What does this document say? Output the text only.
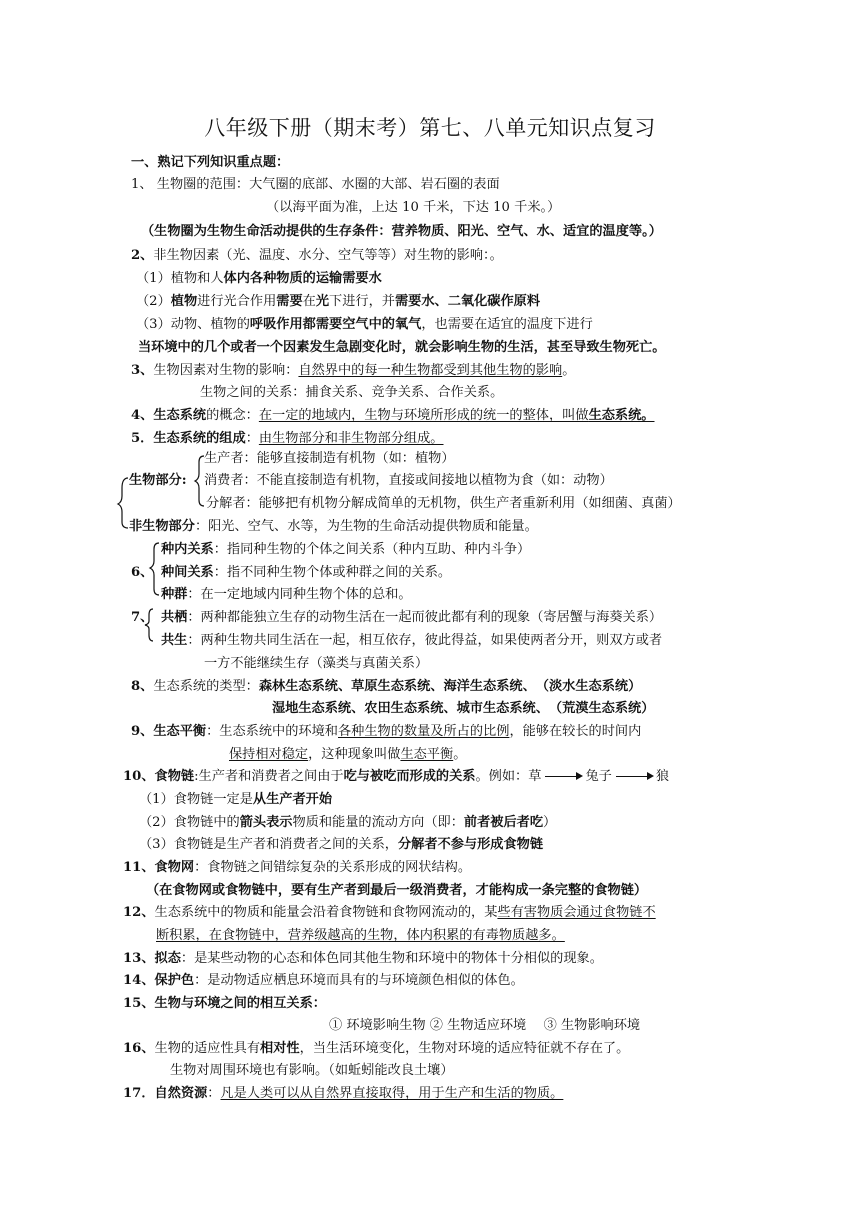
八年级下册（期末考）第七、八单元知识点复习
一、熟记下列知识重点题：
1、 生物圈的范围：大气圈的底部、水圈的大部、岩石圈的表面
（以海平面为准，上达 10 千米，下达 10 千米。）
（生物圈为生物生命活动提供的生存条件：营养物质、阳光、空气、水、适宜的温度等。）
2、非生物因素（光、温度、水分、空气等等）对生物的影响：。
（1）植物和人体内各种物质的运输需要水
（2）植物进行光合作用需要在光下进行，并需要水、二氧化碳作原料
（3）动物、植物的呼吸作用都需要空气中的氧气，也需要在适宜的温度下进行
当环境中的几个或者一个因素发生急剧变化时，就会影响生物的生活，甚至导致生物死亡。
3、生物因素对生物的影响：自然界中的每一种生物都受到其他生物的影响。
生物之间的关系：捕食关系、竞争关系、合作关系。
4、生态系统的概念：在一定的地域内，生物与环境所形成的统一的整体，叫做生态系统。
5．生态系统的组成：由生物部分和非生物部分组成。
生物部分:
生产者：能够直接制造有机物（如：植物）
消费者：不能直接制造有机物，直接或间接地以植物为食（如：动物）
分解者：能够把有机物分解成简单的无机物，供生产者重新利用（如细菌、真菌）
非生物部分：阳光、空气、水等，为生物的生命活动提供物质和能量。
6、
种内关系：指同种生物的个体之间关系（种内互助、种内斗争）
种间关系：指不同种生物个体或种群之间的关系。
种群：在一定地域内同种生物个体的总和。
7、 共栖：两种都能独立生存的动物生活在一起而彼此都有利的现象（寄居蟹与海葵关系）
共生：两种生物共同生活在一起，相互依存，彼此得益，如果使两者分开，则双方或者
一方不能继续生存（藻类与真菌关系）
8、生态系统的类型：森林生态系统、草原生态系统、海洋生态系统、　（淡水生态系统）
湿地生态系统、农田生态系统、城市生态系统、　（荒漠生态系统）
9、生态平衡：生态系统中的环境和各种生物的数量及所占的比例，能够在较长的时间内
保持相对稳定，这种现象叫做生态平衡。
10、食物链:生产者和消费者之间由于吃与被吃而形成的关系。例如：草	兔子	狼
（1）食物链一定是从生产者开始
（2）食物链中的箭头表示物质和能量的流动方向（即：前者被后者吃）
（3）食物链是生产者和消费者之间的关系，分解者不参与形成食物链
11、食物网：食物链之间错综复杂的关系形成的网状结构。
（在食物网或食物链中，要有生产者到最后一级消费者，才能构成一条完整的食物链）
12、生态系统中的物质和能量会沿着食物链和食物网流动的，某些有害物质会通过食物链不
断积累，在食物链中，营养级越高的生物，体内积累的有毒物质越多。
13、拟态：是某些动物的心态和体色同其他生物和环境中的物体十分相似的现象。
14、保护色：是动物适应栖息环境而具有的与环境颜色相似的体色。
15、生物与环境之间的相互关系：
① 环境影响生物 ② 生物适应环境　 ③ 生物影响环境
16、生物的适应性具有相对性，当生活环境变化，生物对环境的适应特征就不存在了。
生物对周围环境也有影响。（如蚯蚓能改良土壤）
17．自然资源：凡是人类可以从自然界直接取得，用于生产和生活的物质。
